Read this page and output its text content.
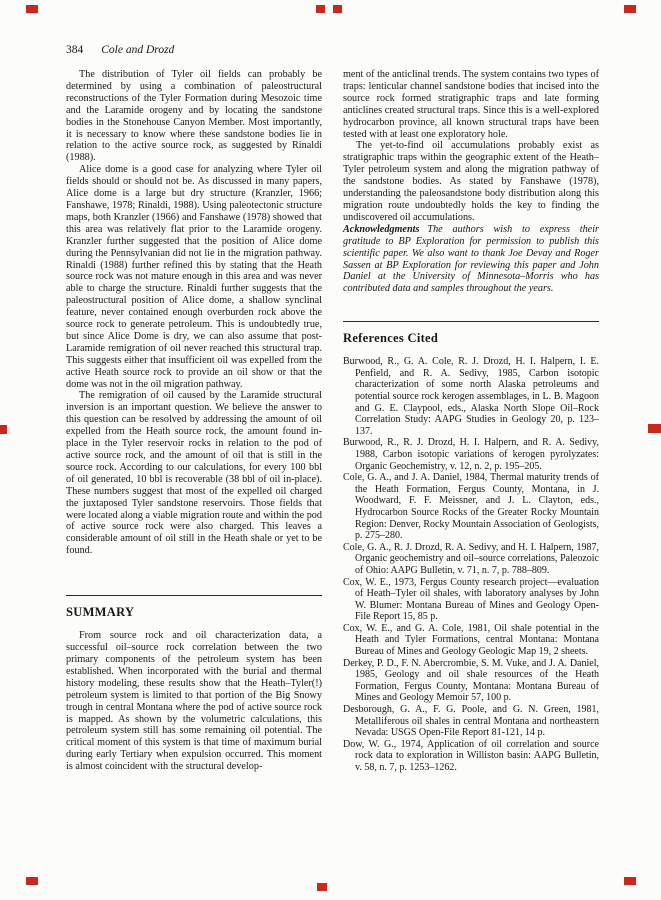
384 Cole and Drozd

The distribution of Tyler oil fields can probably be determined by using a combination of paleostructural reconstructions of the Tyler Formation during Mesozoic time and the Laramide orogeny and by locating the sandstone bodies in the Stonehouse Canyon Member. Most importantly, it is necessary to know where these sandstone bodies lie in relation to the active source rock, as suggested by Rinaldi (1988).

Alice dome is a good case for analyzing where Tyler oil fields should or should not be. As discussed in many papers, Alice dome is a large but dry structure (Kranzler, 1966; Fanshawe, 1978; Rinaldi, 1988). Using paleotectonic structure maps, both Kranzler (1966) and Fanshawe (1978) showed that this area was relatively flat prior to the Laramide orogeny. Kranzler further suggested that the position of Alice dome during the Pennsylvanian did not lie in the migration pathway. Rinaldi (1988) further refined this by stating that the Heath source rock was not mature enough in this area and was never able to charge the structure. Rinaldi further suggests that the paleostructural position of Alice dome, a shallow synclinal feature, never contained enough overburden rock above the source rock to generate petroleum. This is undoubtedly true, but since Alice Dome is dry, we can also assume that post-Laramide remigration of oil never reached this structural trap. This suggests either that insufficient oil was expelled from the active Heath source rock to provide an oil show or that the dome was not in the oil migration pathway.

The remigration of oil caused by the Laramide structural inversion is an important question. We believe the answer to this question can be resolved by addressing the amount of oil expelled from the Heath source rock, the amount found in-place in the Tyler reservoir rocks in relation to the pod of active source rock, and the amount of oil that is still in the source rock. According to our calculations, for every 100 bbl of oil generated, 10 bbl is recoverable (38 bbl of oil in-place). These numbers suggest that most of the expelled oil charged the juxtaposed Tyler sandstone reservoirs. Those fields that were located along a viable migration route and within the pod of active source rock were also charged. This leaves a considerable amount of oil still in the Heath shale or yet to be found.

SUMMARY

From source rock and oil characterization data, a successful oil–source rock correlation between the two primary components of the petroleum system has been established. When incorporated with the burial and thermal history modeling, these results show that the Heath–Tyler(!) petroleum system is limited to that portion of the Big Snowy trough in central Montana where the pod of active source rock is mapped. As shown by the volumetric calculations, this petroleum system still has some remaining oil potential. The critical moment of this system is that time of maximum burial during early Tertiary when expulsion occurred. This moment is almost coincident with the structural develop-

ment of the anticlinal trends. The system contains two types of traps: lenticular channel sandstone bodies that incised into the source rock formed stratigraphic traps and late forming anticlines created structural traps. Since this is a well-explored hydrocarbon province, all known structural traps have been tested with at least one exploratory hole.

The yet-to-find oil accumulations probably exist as stratigraphic traps within the geographic extent of the Heath–Tyler petroleum system and along the migration pathway of the sandstone bodies. As stated by Fanshawe (1978), understanding the paleosandstone body distribution along this migration route undoubtedly holds the key to finding the undiscovered oil accumulations.

Acknowledgments The authors wish to express their gratitude to BP Exploration for permission to publish this scientific paper. We also want to thank Joe Devay and Roger Sassen at BP Exploration for reviewing this paper and John Daniel at the University of Minnesota–Morris who has contributed data and samples throughout the years.

References Cited

Burwood, R., G. A. Cole, R. J. Drozd, H. I. Halpern, I. E. Penfield, and R. A. Sedivy, 1985, Carbon isotopic characterization of some north Alaska petroleums and potential source rock kerogen assemblages, in L. B. Magoon and G. E. Claypool, eds., Alaska North Slope Oil–Rock Correlation Study: AAPG Studies in Geology 20, p. 123–137.

Burwood, R., R. J. Drozd, H. I. Halpern, and R. A. Sedivy, 1988, Carbon isotopic variations of kerogen pyrolyzates: Organic Geochemistry, v. 12, n. 2, p. 195–205.

Cole, G. A., and J. A. Daniel, 1984, Thermal maturity trends of the Heath Formation, Fergus County, Montana, in J. Woodward, F. F. Meissner, and J. L. Clayton, eds., Hydrocarbon Source Rocks of the Greater Rocky Mountain Region: Denver, Rocky Mountain Association of Geologists, p. 275–280.

Cole, G. A., R. J. Drozd, R. A. Sedivy, and H. I. Halpern, 1987, Organic geochemistry and oil–source correlations, Paleozoic of Ohio: AAPG Bulletin, v. 71, n. 7, p. 788–809.

Cox, W. E., 1973, Fergus County research project—evaluation of Heath–Tyler oil shales, with laboratory analyses by John W. Blumer: Montana Bureau of Mines and Geology Open-File Report 15, 85 p.

Cox, W. E., and G. A. Cole, 1981, Oil shale potential in the Heath and Tyler Formations, central Montana: Montana Bureau of Mines and Geology Geologic Map 19, 2 sheets.

Derkey, P. D., F. N. Abercrombie, S. M. Vuke, and J. A. Daniel, 1985, Geology and oil shale resources of the Heath Formation, Fergus County, Montana: Montana Bureau of Mines and Geology Memoir 57, 100 p.

Desborough, G. A., F. G. Poole, and G. N. Green, 1981, Metalliferous oil shales in central Montana and northeastern Nevada: USGS Open-File Report 81-121, 14 p.

Dow, W. G., 1974, Application of oil correlation and source rock data to exploration in Williston basin: AAPG Bulletin, v. 58, n. 7, p. 1253–1262.
